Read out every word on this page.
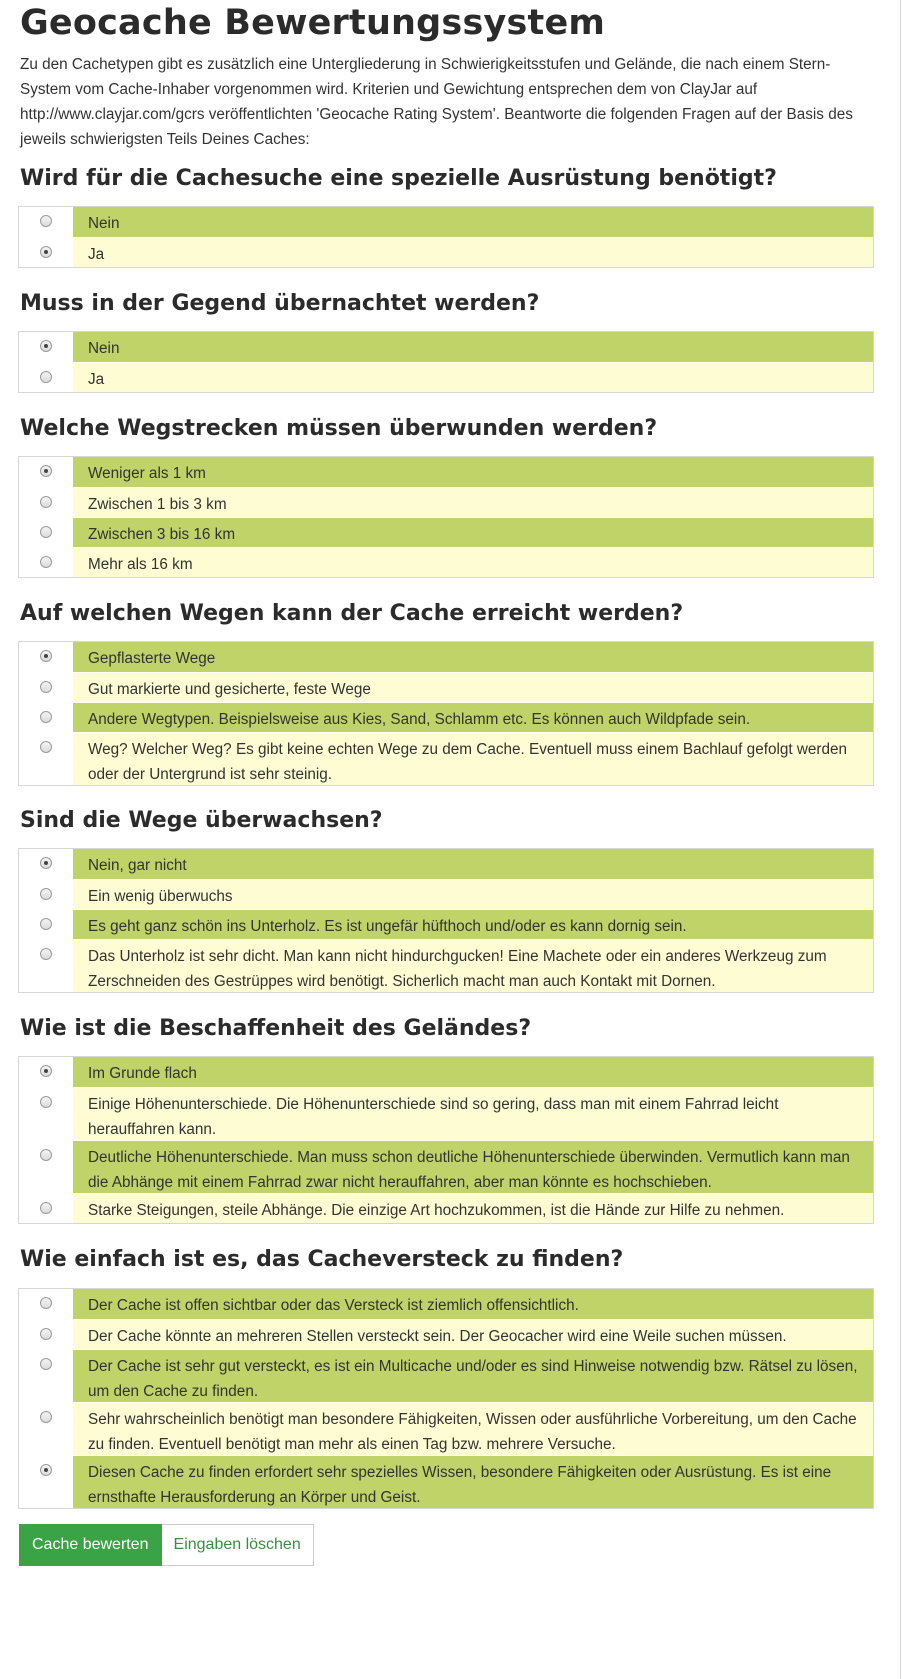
Geocache Bewertungssystem

Zu den Cachetypen gibt es zusätzlich eine Untergliederung in Schwierigkeitsstufen und Gelände, die nach einem Stern-System vom Cache-Inhaber vorgenommen wird. Kriterien und Gewichtung entsprechen dem von ClayJar auf http://www.clayjar.com/gcrs veröffentlichten 'Geocache Rating System'. Beantworte die folgenden Fragen auf der Basis des jeweils schwierigsten Teils Deines Caches:

Wird für die Cachesuche eine spezielle Ausrüstung benötigt?
Nein
Ja
Muss in der Gegend übernachtet werden?
Nein
Ja
Welche Wegstrecken müssen überwunden werden?
Weniger als 1 km
Zwischen 1 bis 3 km
Zwischen 3 bis 16 km
Mehr als 16 km
Auf welchen Wegen kann der Cache erreicht werden?
Gepflasterte Wege
Gut markierte und gesicherte, feste Wege
Andere Wegtypen. Beispielsweise aus Kies, Sand, Schlamm etc. Es können auch Wildpfade sein.
Weg? Welcher Weg? Es gibt keine echten Wege zu dem Cache. Eventuell muss einem Bachlauf gefolgt werden oder der Untergrund ist sehr steinig.
Sind die Wege überwachsen?
Nein, gar nicht
Ein wenig überwuchs
Es geht ganz schön ins Unterholz. Es ist ungefär hüfthoch und/oder es kann dornig sein.
Das Unterholz ist sehr dicht. Man kann nicht hindurchgucken! Eine Machete oder ein anderes Werkzeug zum Zerschneiden des Gestrüppes wird benötigt. Sicherlich macht man auch Kontakt mit Dornen.
Wie ist die Beschaffenheit des Geländes?
Im Grunde flach
Einige Höhenunterschiede. Die Höhenunterschiede sind so gering, dass man mit einem Fahrrad leicht herauffahren kann.
Deutliche Höhenunterschiede. Man muss schon deutliche Höhenunterschiede überwinden. Vermutlich kann man die Abhänge mit einem Fahrrad zwar nicht herauffahren, aber man könnte es hochschieben.
Starke Steigungen, steile Abhänge. Die einzige Art hochzukommen, ist die Hände zur Hilfe zu nehmen.
Wie einfach ist es, das Cacheversteck zu finden?
Der Cache ist offen sichtbar oder das Versteck ist ziemlich offensichtlich.
Der Cache könnte an mehreren Stellen versteckt sein. Der Geocacher wird eine Weile suchen müssen.
Der Cache ist sehr gut versteckt, es ist ein Multicache und/oder es sind Hinweise notwendig bzw. Rätsel zu lösen, um den Cache zu finden.
Sehr wahrscheinlich benötigt man besondere Fähigkeiten, Wissen oder ausführliche Vorbereitung, um den Cache zu finden. Eventuell benötigt man mehr als einen Tag bzw. mehrere Versuche.
Diesen Cache zu finden erfordert sehr spezielles Wissen, besondere Fähigkeiten oder Ausrüstung. Es ist eine ernsthafte Herausforderung an Körper und Geist.
Cache bewerten	Eingaben löschen
